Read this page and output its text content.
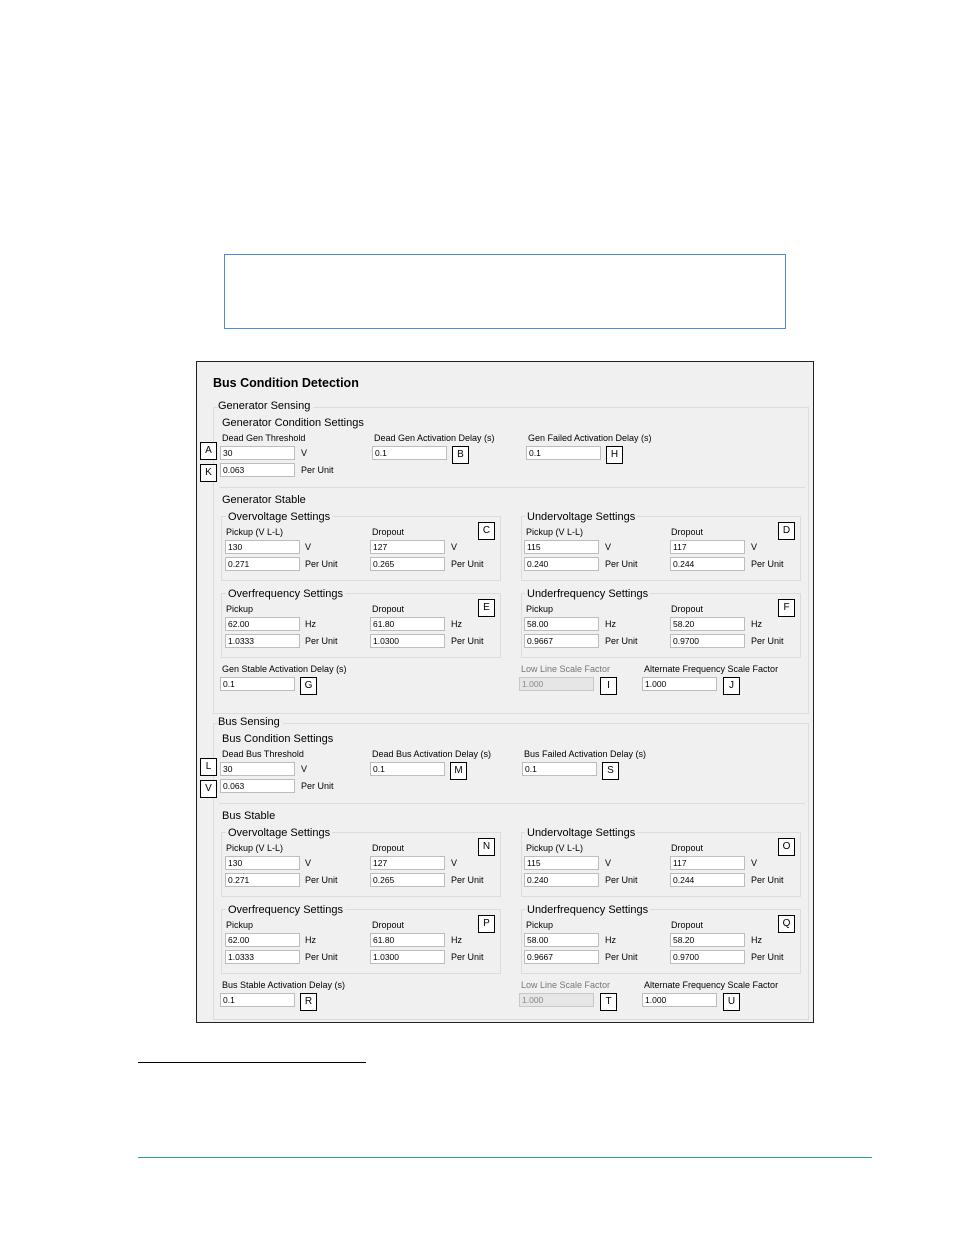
Bus Condition Detection
Generator Sensing
Generator Condition Settings
Dead Gen Threshold
30	V
0.063	Per Unit
Dead Gen Activation Delay (s)
0.1
Gen Failed Activation Delay (s)
0.1
Generator Stable
Overvoltage Settings
Pickup (V L-L)	Dropout
130	V	127	V
0.271	Per Unit	0.265	Per Unit
Undervoltage Settings
Pickup (V L-L)	Dropout
115	V	117	V
0.240	Per Unit	0.244	Per Unit
Overfrequency Settings
Pickup	Dropout
62.00	Hz	61.80	Hz
1.0333	Per Unit	1.0300	Per Unit
Underfrequency Settings
Pickup	Dropout
58.00	Hz	58.20	Hz
0.9667	Per Unit	0.9700	Per Unit
Gen Stable Activation Delay (s)
0.1
Low Line Scale Factor
1.000
Alternate Frequency Scale Factor
1.000
Bus Sensing
Bus Condition Settings
Dead Bus Threshold
30	V
0.063	Per Unit
Dead Bus Activation Delay (s)
0.1
Bus Failed Activation Delay (s)
0.1
Bus Stable
Overvoltage Settings
Pickup (V L-L)	Dropout
130	V	127	V
0.271	Per Unit	0.265	Per Unit
Undervoltage Settings
Pickup (V L-L)	Dropout
115	V	117	V
0.240	Per Unit	0.244	Per Unit
Overfrequency Settings
Pickup	Dropout
62.00	Hz	61.80	Hz
1.0333	Per Unit	1.0300	Per Unit
Underfrequency Settings
Pickup	Dropout
58.00	Hz	58.20	Hz
0.9667	Per Unit	0.9700	Per Unit
Bus Stable Activation Delay (s)
0.1
Low Line Scale Factor
1.000
Alternate Frequency Scale Factor
1.000
A
K
B	H
C	D
E	F
G	I	J
L
V
M	S
N	O
P	Q
R	T	U
